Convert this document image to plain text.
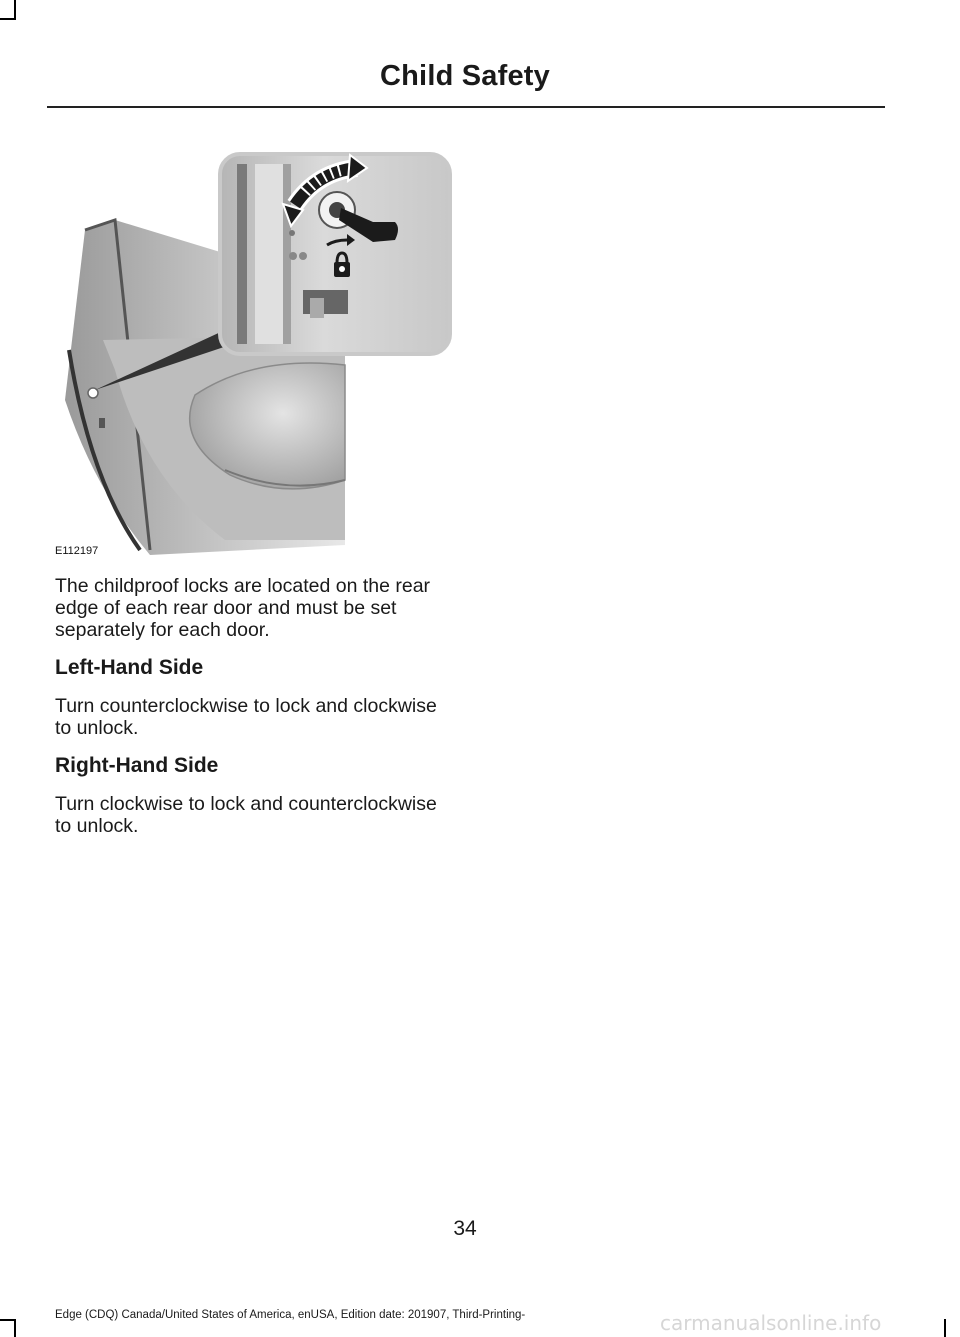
Child Safety
E112197

The childproof locks are located on the rear edge of each rear door and must be set separately for each door.

Left-Hand Side

Turn counterclockwise to lock and clockwise to unlock.

Right-Hand Side

Turn clockwise to lock and counterclockwise to unlock.

34
Edge (CDQ) Canada/United States of America, enUSA, Edition date: 201907, Third-Printing-	carmanualsonline.info
